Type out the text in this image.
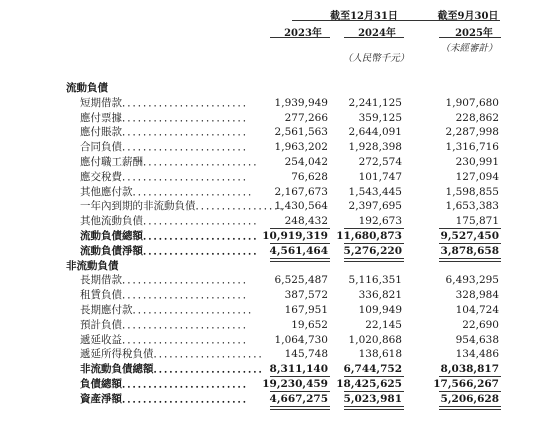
截至12月31日	截至9月30日
2023年	2024年	2025年
（人民幣千元）
（未經審計）
流動負債
短期借款．．．．．．．．．．．．．．．．．．．．．．．．	1,939,949 2,241,125	1,907,680
應付票據．．．．．．．．．．．．．．．．．．．．．．．．	277,266	359,125	228,862
應付賬款．．．．．．．．．．．．．．．．．．．．．．．．	2,561,563 2,644,091	2,287,998
合同負債．．．．．．．．．．．．．．．．．．．．．．．．	1,963,202 1,928,398	1,316,716
應付職工薪酬．．．．．．．．．．．．．．．．．．．．．． 254,042	272,574	230,991
應交稅費．．．．．．．．．．．．．．．．．．．．．．．．	76,628	101,747	127,094
其他應付款．．．．．．．．．．．．．．．．．．．．．．． 2,167,673 1,543,445	1,598,855
一年內到期的非流動負債．．．．．．．．．．．．．．．．．
1,430,564 2,397,695	1,653,383
其他流動負債．．．．．．．．．．．．．．．．．．．．．． 248,432	192,673	175,871
流動負債總額．．．．．．．．．．．．．．．．．．．．．．
10,919,319 11,680,873	9,527,450
流動負債淨額．．．．．．．．．．．．．．．．．．．．．． 4,561,464 5,276,220	3,878,658
非流動負債
長期借款．．．．．．．．．．．．．．．．．．．．．．．．	6,525,487 5,116,351	6,493,295
租賃負債．．．．．．．．．．．．．．．．．．．．．．．．	387,572	336,821	328,984
長期應付款．．．．．．．．．．．．．．．．．．．．．．． 167,951	109,949	104,724
預計負債．．．．．．．．．．．．．．．．．．．．．．．．	19,652	22,145	22,690
遞延收益．．．．．．．．．．．．．．．．．．．．．．．．	1,064,730 1,020,868	954,638
遞延所得稅負債．．．．．．．．．．．．．．．．．．．．． 145,748	138,618	134,486
非流動負債總額．．．．．．．．．．．．．．．．．．．．． 8,311,140 6,744,752	8,038,817
負債總額．．．．．．．．．．．．．．．．．．．．．．．． 19,230,459 18,425,625	17,566,267
資產淨額．．．．．．．．．．．．．．．．．．．．．．．．	4,667,275 5,023,981	5,206,628
